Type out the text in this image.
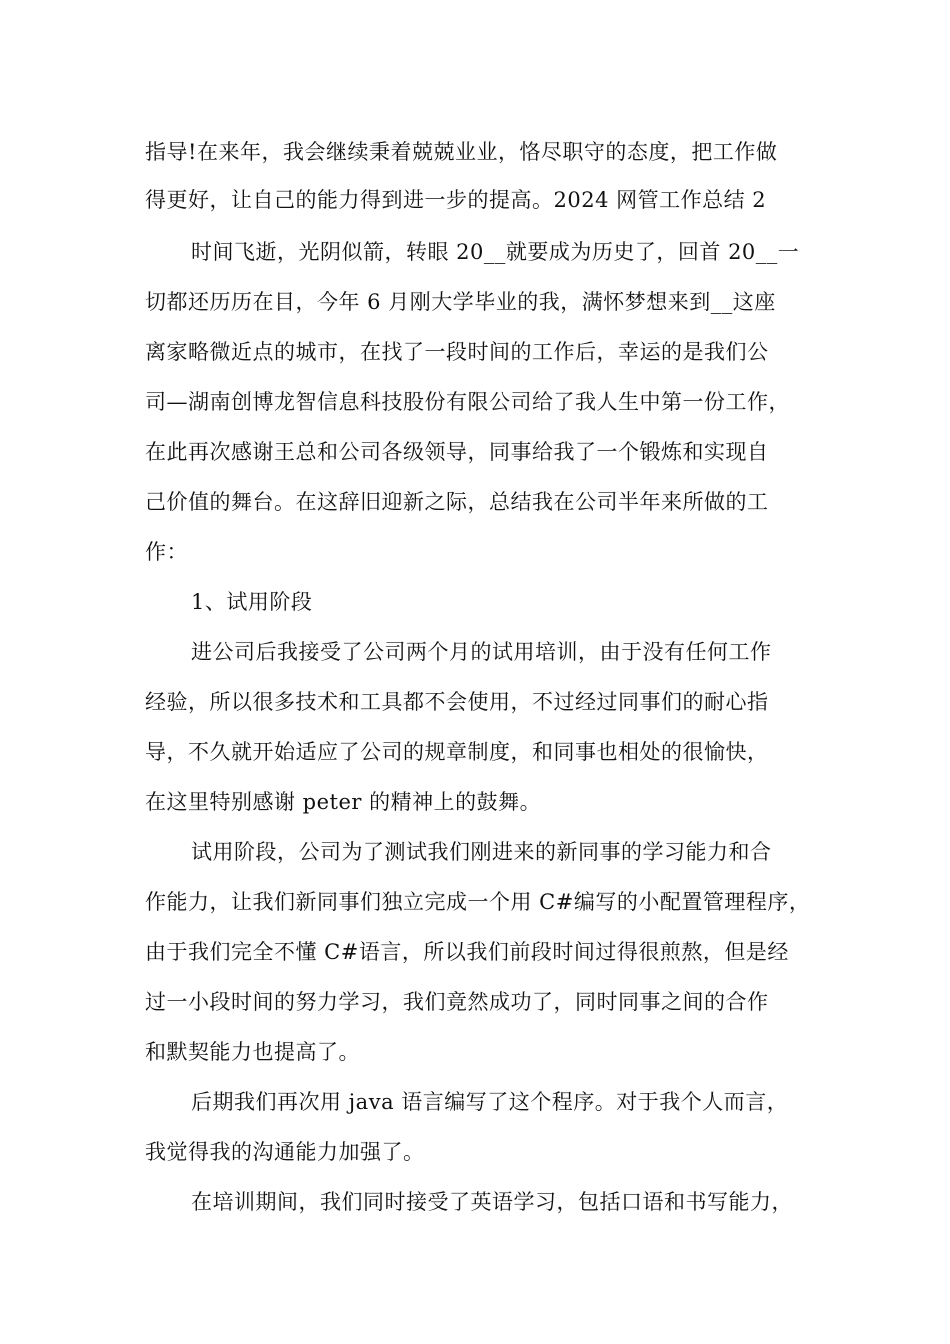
指导!在来年，我会继续秉着兢兢业业，恪尽职守的态度，把工作做
得更好，让自己的能力得到进一步的提高。2024 网管工作总结 2
时间飞逝，光阴似箭，转眼 20__就要成为历史了，回首 20__一
切都还历历在目，今年 6 月刚大学毕业的我，满怀梦想来到__这座
离家略微近点的城市，在找了一段时间的工作后，幸运的是我们公
司—湖南创博龙智信息科技股份有限公司给了我人生中第一份工作，
在此再次感谢王总和公司各级领导，同事给我了一个锻炼和实现自
己价值的舞台。在这辞旧迎新之际，总结我在公司半年来所做的工
作：
1、试用阶段
进公司后我接受了公司两个月的试用培训，由于没有任何工作
经验，所以很多技术和工具都不会使用，不过经过同事们的耐心指
导，不久就开始适应了公司的规章制度，和同事也相处的很愉快，
在这里特别感谢 peter 的精神上的鼓舞。
试用阶段，公司为了测试我们刚进来的新同事的学习能力和合
作能力，让我们新同事们独立完成一个用 C#编写的小配置管理程序，
由于我们完全不懂 C#语言，所以我们前段时间过得很煎熬，但是经
过一小段时间的努力学习，我们竟然成功了，同时同事之间的合作
和默契能力也提高了。
后期我们再次用 java 语言编写了这个程序。对于我个人而言，
我觉得我的沟通能力加强了。
在培训期间，我们同时接受了英语学习，包括口语和书写能力，
